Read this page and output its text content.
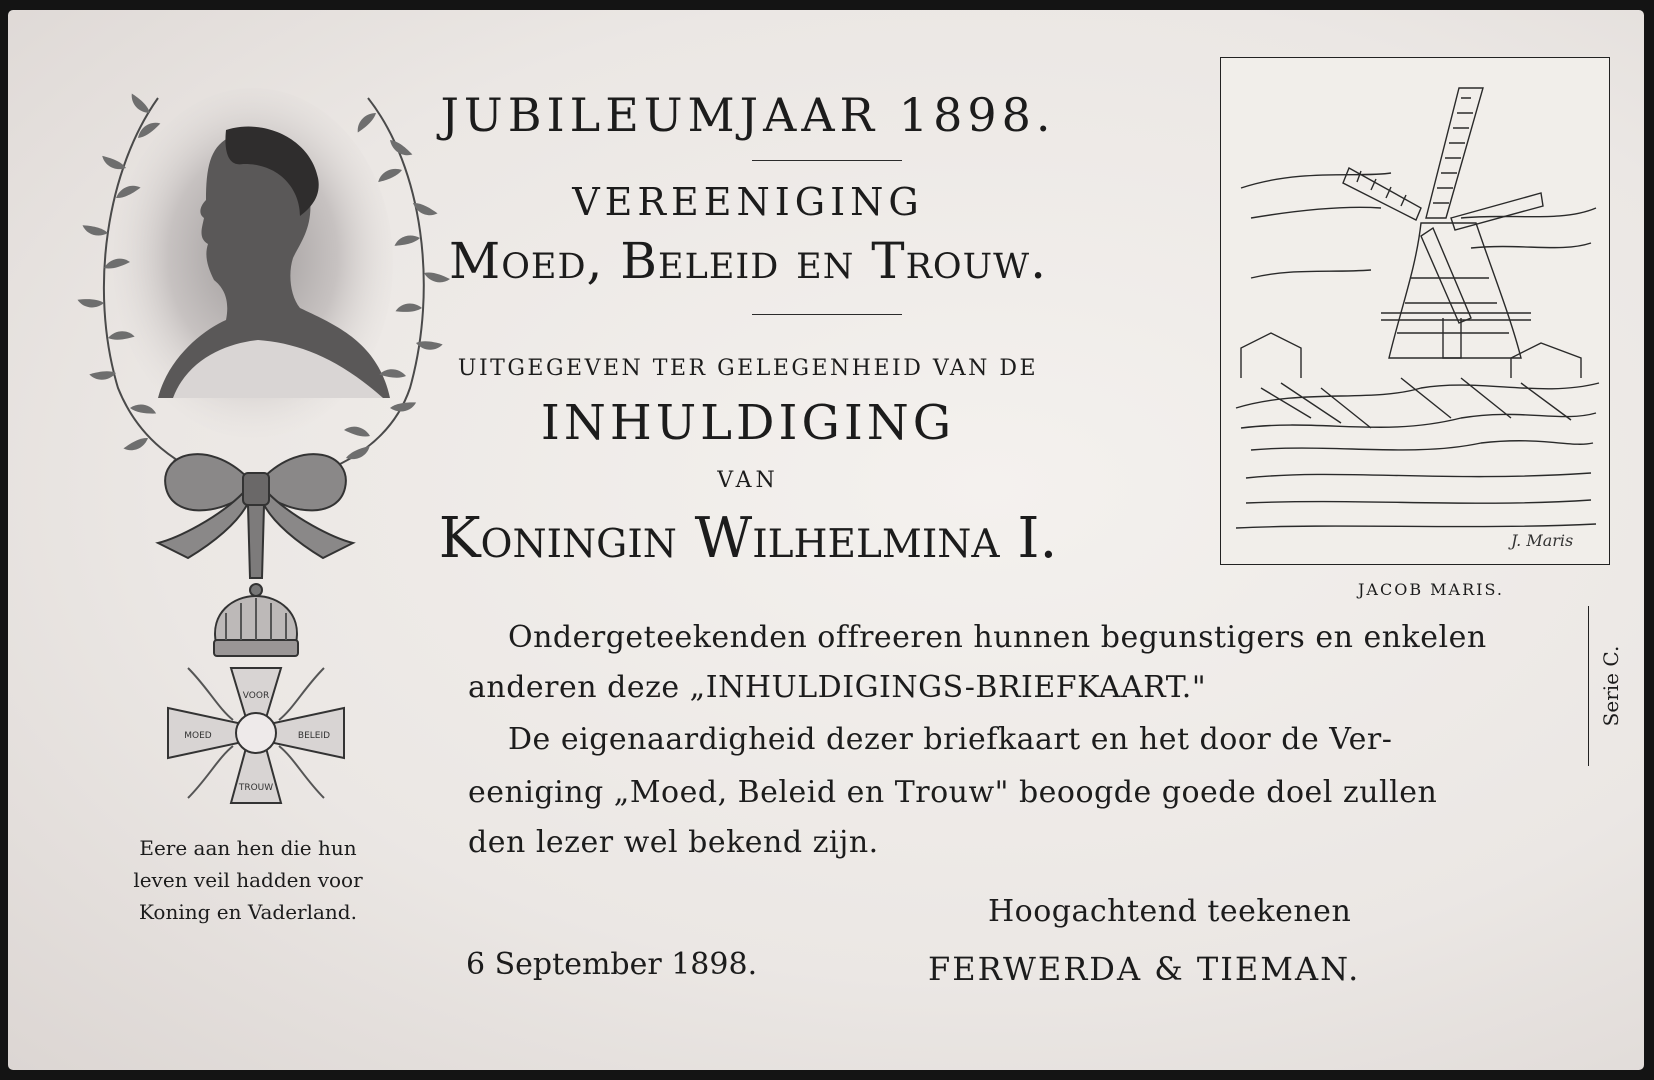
VOOR
MOED	BELEID
TROUW
Eere aan hen die hun
leven veil hadden voor
Koning en Vaderland.
JUBILEUMJAAR 1898.
VEREENIGING
Moed, Beleid en Trouw.
UITGEGEVEN TER GELEGENHEID VAN DE
INHULDIGING
VAN
Koningin Wilhelmina I.	J. Maris
JACOB MARIS.
Serie C.
Ondergeteekenden offreeren hunnen begunstigers en enkelen
anderen deze „INHULDIGINGS-BRIEFKAART."
De eigenaardigheid dezer briefkaart en het door de Ver-
eeniging „Moed, Beleid en Trouw" beoogde goede doel zullen
den lezer wel bekend zijn.
Hoogachtend teekenen
6 September 1898.	FERWERDA & TIEMAN.
